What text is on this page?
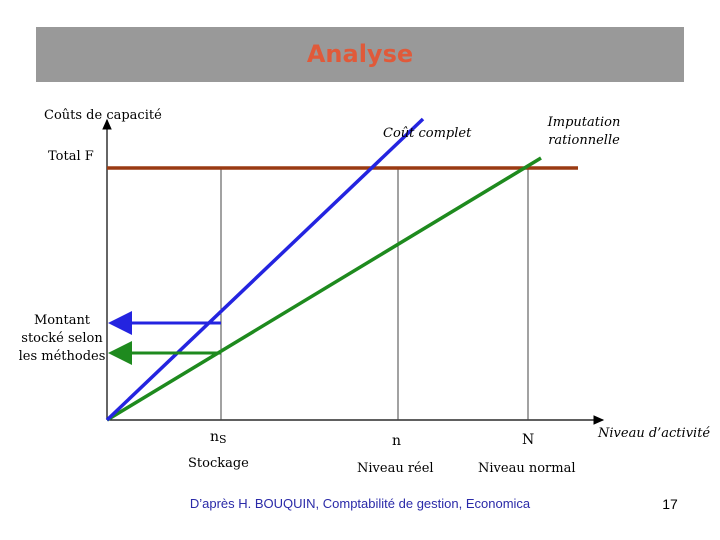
Analyse
Coûts de capacité
Total F
Coût complet
Imputation rationnelle
Montant stocké selon les méthodes
Niveau d’activité
nS
Stockage
n
Niveau réel
N
Niveau normal
D’après H. BOUQUIN, Comptabilité de gestion, Economica	17
